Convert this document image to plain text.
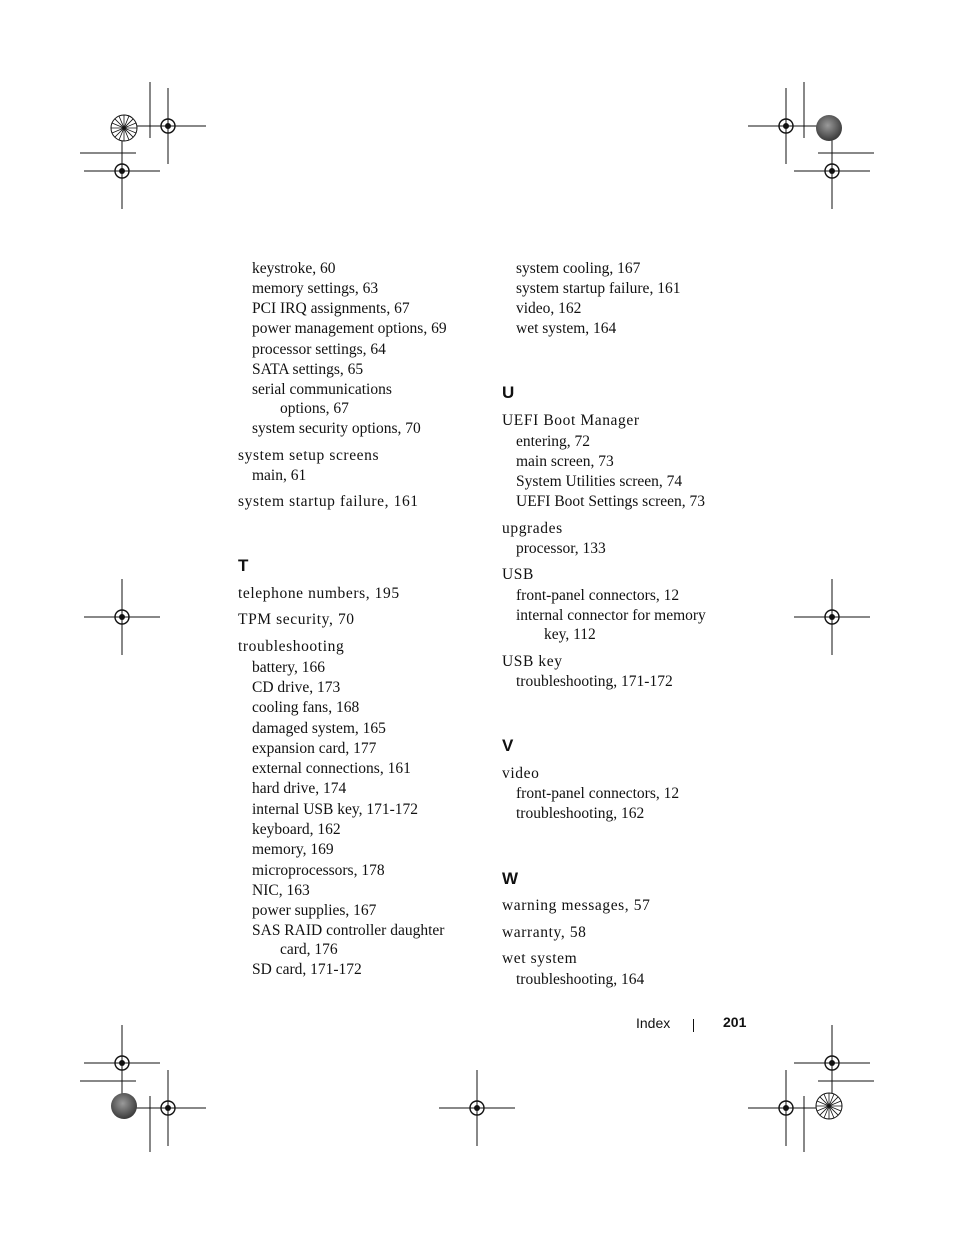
keystroke, 60
memory settings, 63
PCI IRQ assignments, 67
power management options, 69
processor settings, 64
SATA settings, 65
serial communications
options, 67
system security options, 70
system setup screens
main, 61
system startup failure, 161
T
telephone numbers, 195
TPM security, 70
troubleshooting
battery, 166
CD drive, 173
cooling fans, 168
damaged system, 165
expansion card, 177
external connections, 161
hard drive, 174
internal USB key, 171-172
keyboard, 162
memory, 169
microprocessors, 178
NIC, 163
power supplies, 167
SAS RAID controller daughter
card, 176
SD card, 171-172
system cooling, 167
system startup failure, 161
video, 162
wet system, 164
U
UEFI Boot Manager
entering, 72
main screen, 73
System Utilities screen, 74
UEFI Boot Settings screen, 73
upgrades
processor, 133
USB
front-panel connectors, 12
internal connector for memory
key, 112
USB key
troubleshooting, 171-172
V
video
front-panel connectors, 12
troubleshooting, 162
W
warning messages, 57
warranty, 58
wet system
troubleshooting, 164
Index	201
